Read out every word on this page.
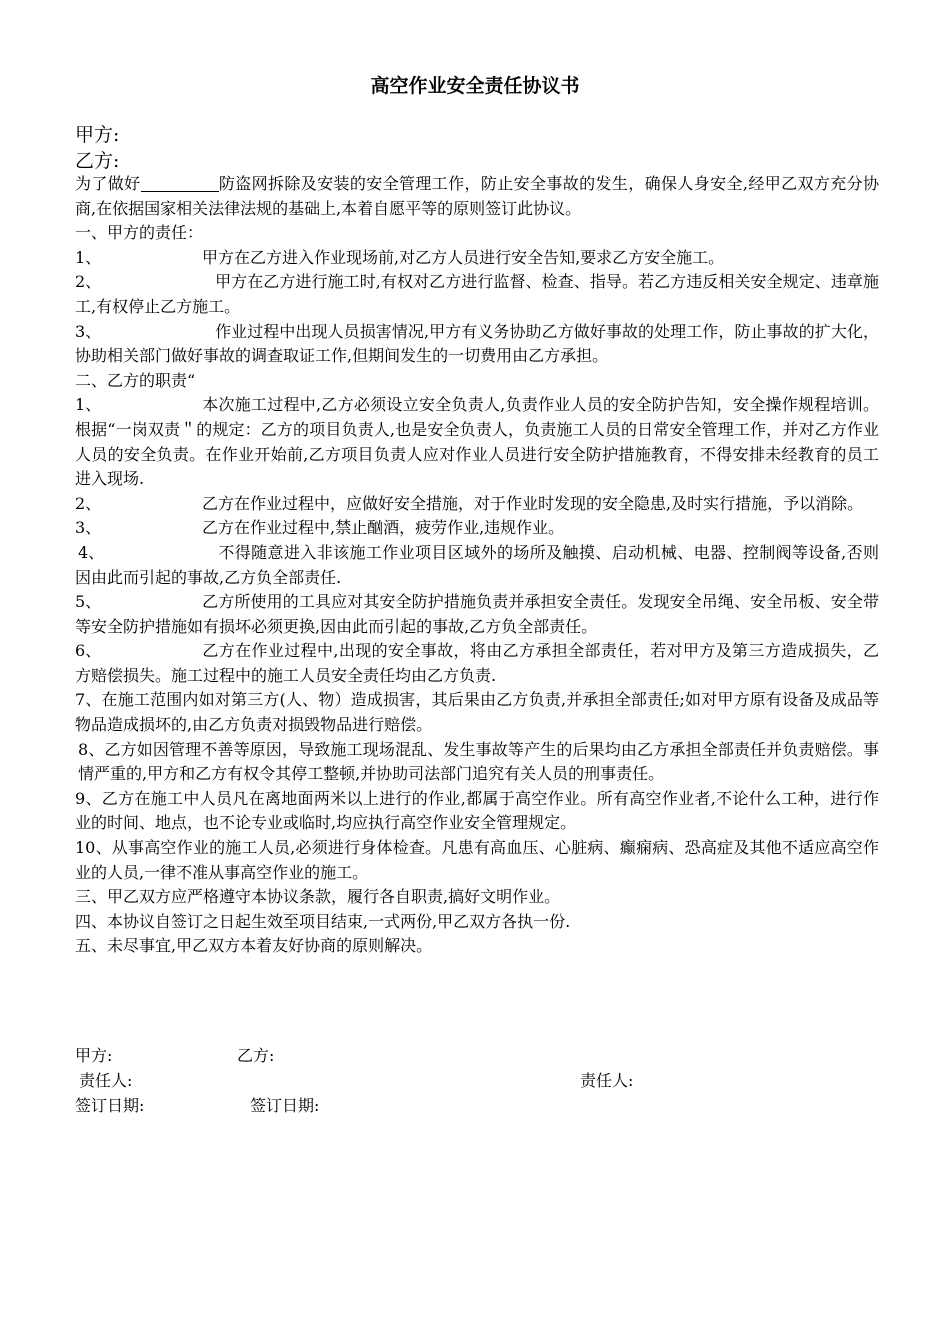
高空作业安全责任协议书
甲方:
乙方:

为了做好	防盗网拆除及安装的安全管理工作，防止安全事故的发生，确保人身安全,经甲乙双方充分协商,在依据国家相关法律法规的基础上,本着自愿平等的原则签订此协议。

一、甲方的责任：

1、	甲方在乙方进入作业现场前,对乙方人员进行安全告知,要求乙方安全施工。

2、	甲方在乙方进行施工时,有权对乙方进行监督、检查、指导。若乙方违反相关安全规定、违章施工,有权停止乙方施工。

3、	作业过程中出现人员损害情况,甲方有义务协助乙方做好事故的处理工作，防止事故的扩大化，协助相关部门做好事故的调查取证工作,但期间发生的一切费用由乙方承担。

二、乙方的职责“

1、	本次施工过程中,乙方必须设立安全负责人,负责作业人员的安全防护告知，安全操作规程培训。根据“一岗双责＂的规定：乙方的项目负责人,也是安全负责人，负责施工人员的日常安全管理工作，并对乙方作业人员的安全负责。在作业开始前,乙方项目负责人应对作业人员进行安全防护措施教育，不得安排未经教育的员工进入现场.

2、	乙方在作业过程中，应做好安全措施，对于作业时发现的安全隐患,及时实行措施，予以消除。

3、	乙方在作业过程中,禁止酗酒，疲劳作业,违规作业。

4、	不得随意进入非该施工作业项目区域外的场所及触摸、启动机械、电器、控制阀等设备,否则因由此而引起的事故,乙方负全部责任.

5、	乙方所使用的工具应对其安全防护措施负责并承担安全责任。发现安全吊绳、安全吊板、安全带等安全防护措施如有损坏必须更换,因由此而引起的事故,乙方负全部责任。

6、	乙方在作业过程中,出现的安全事故，将由乙方承担全部责任，若对甲方及第三方造成损失，乙方赔偿损失。施工过程中的施工人员安全责任均由乙方负责.

7、在施工范围内如对第三方(人、物）造成损害，其后果由乙方负责,并承担全部责任;如对甲方原有设备及成品等物品造成损坏的,由乙方负责对损毁物品进行赔偿。

8、乙方如因管理不善等原因，导致施工现场混乱、发生事故等产生的后果均由乙方承担全部责任并负责赔偿。事情严重的,甲方和乙方有权令其停工整顿,并协助司法部门追究有关人员的刑事责任。

9、乙方在施工中人员凡在离地面两米以上进行的作业,都属于高空作业。所有高空作业者,不论什么工种，进行作业的时间、地点，也不论专业或临时,均应执行高空作业安全管理规定。

10、从事高空作业的施工人员,必须进行身体检查。凡患有高血压、心脏病、癫痫病、恐高症及其他不适应高空作业的人员,一律不准从事高空作业的施工。

三、甲乙双方应严格遵守本协议条款，履行各自职责,搞好文明作业。

四、本协议自签订之日起生效至项目结束,一式两份,甲乙双方各执一份.

五、未尽事宜,甲乙双方本着友好协商的原则解决。

甲方:	乙方:
责任人:	责任人:
签订日期:	签订日期:
